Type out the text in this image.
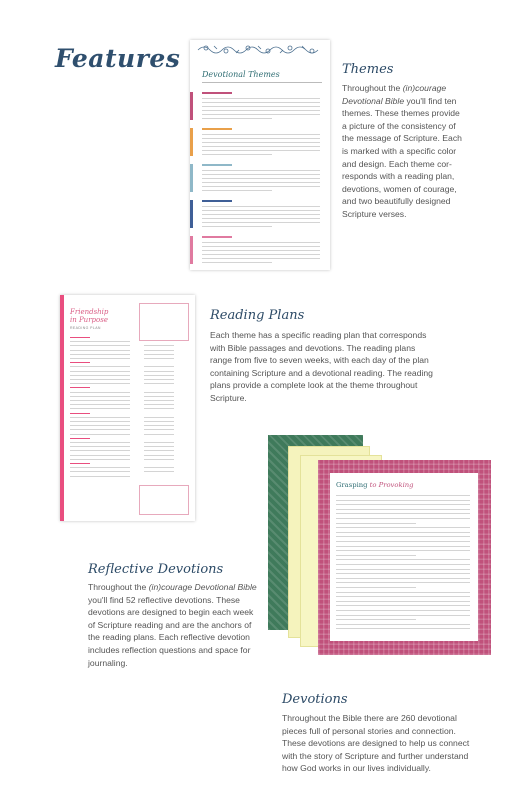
Features
Devotional Themes	Themes
Throughout the (in)courage
Devotional Bible you'll find ten
themes. These themes provide
a picture of the consistency of
the message of Scripture. Each
is marked with a specific color
and design. Each theme cor-
responds with a reading plan,
devotions, women of courage,
and two beautifully designed
Scripture verses.
Friendship
in Purpose
READING PLAN
Reading Plans
Each theme has a specific reading plan that corresponds
with Bible passages and devotions. The reading plans
range from five to seven weeks, with each day of the plan
containing Scripture and a devotional reading. The reading
plans provide a complete look at the theme throughout
Scripture.
Reflective Devotions
Throughout the (in)courage Devotional Bible
you'll find 52 reflective devotions. These
devotions are designed to begin each week
of Scripture reading and are the anchors of
the reading plans. Each reflective devotion
includes reflection questions and space for
journaling.
Grasping to Provoking
Devotions
Throughout the Bible there are 260 devotional
pieces full of personal stories and connection.
These devotions are designed to help us connect
with the story of Scripture and further understand
how God works in our lives individually.
